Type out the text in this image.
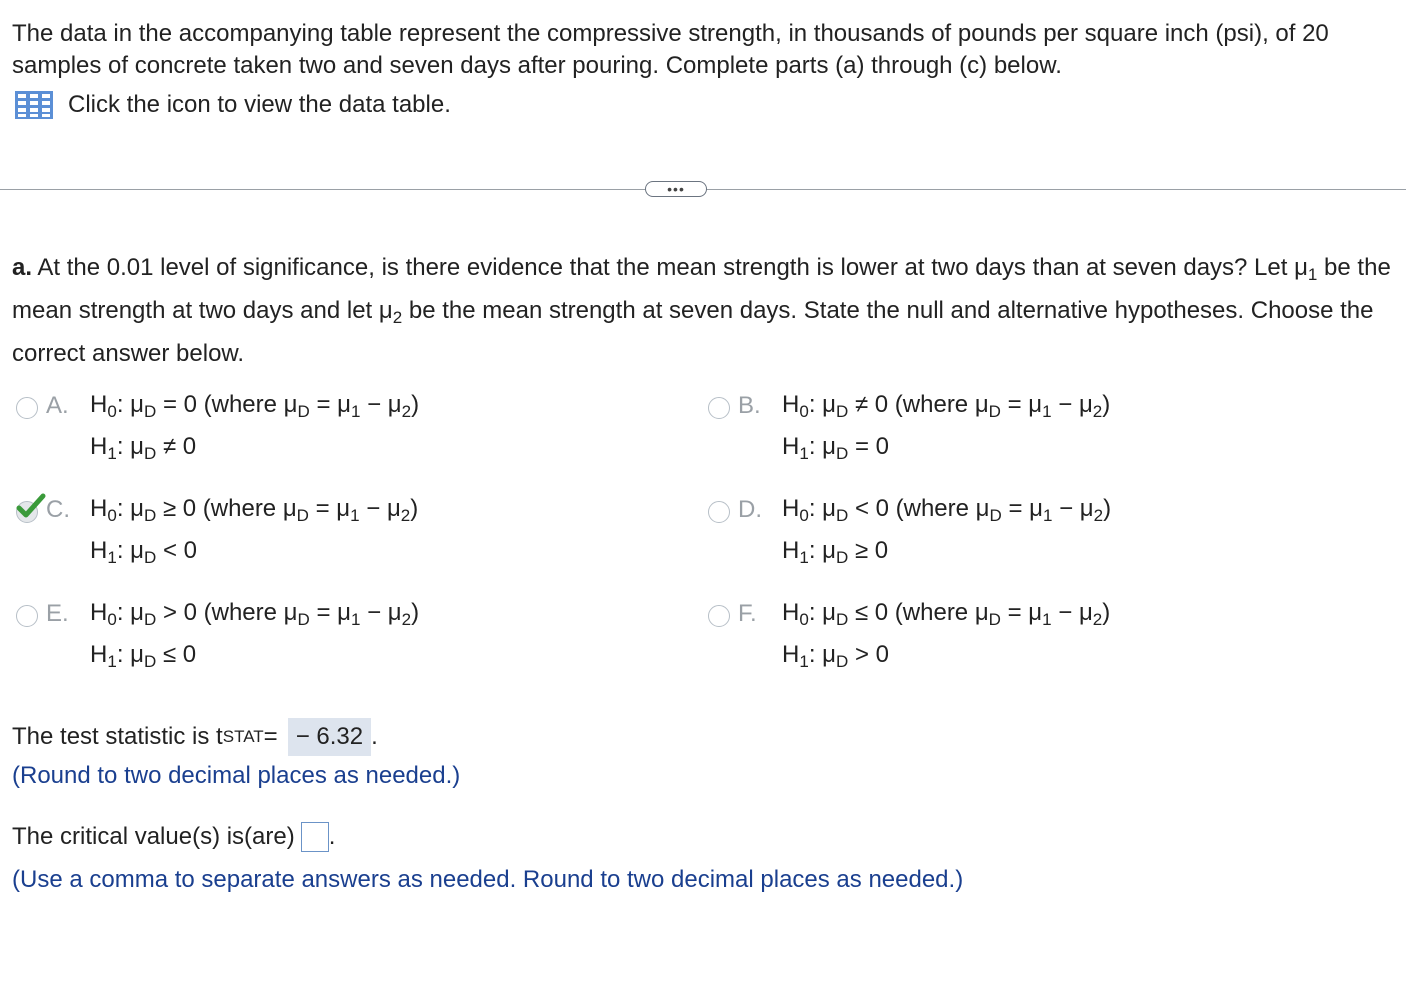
The data in the accompanying table represent the compressive strength, in thousands of pounds per square inch (psi), of 20 samples of concrete taken two and seven days after pouring. Complete parts (a) through (c) below.
Click the icon to view the data table.
•••
a. At the 0.01 level of significance, is there evidence that the mean strength is lower at two days than at seven days? Let $\mu_1$ be the mean strength at two days and let $\mu_2$ be the mean strength at seven days. State the null and alternative hypotheses. Choose the correct answer below.
A. $H_0$: $\mu_D = 0$ (where $\mu_D = \mu_1 - \mu_2$)
$H_1$: $\mu_D \ne 0$
B. $H_0$: $\mu_D \ne 0$ (where $\mu_D = \mu_1 - \mu_2$)
$H_1$: $\mu_D = 0$
C. $H_0$: $\mu_D \ge 0$ (where $\mu_D = \mu_1 - \mu_2$)
$H_1$: $\mu_D < 0$
D. $H_0$: $\mu_D < 0$ (where $\mu_D = \mu_1 - \mu_2$)
$H_1$: $\mu_D \ge 0$
E. $H_0$: $\mu_D > 0$ (where $\mu_D = \mu_1 - \mu_2$)
$H_1$: $\mu_D \le 0$
F.	$H_0$: $\mu_D \le 0$ (where $\mu_D = \mu_1 - \mu_2$)
$H_1$: $\mu_D > 0$
The test statistic is t STAT = − 6.32 .
(Round to two decimal places as needed.)
The critical value(s) is(are) .
(Use a comma to separate answers as needed. Round to two decimal places as needed.)
